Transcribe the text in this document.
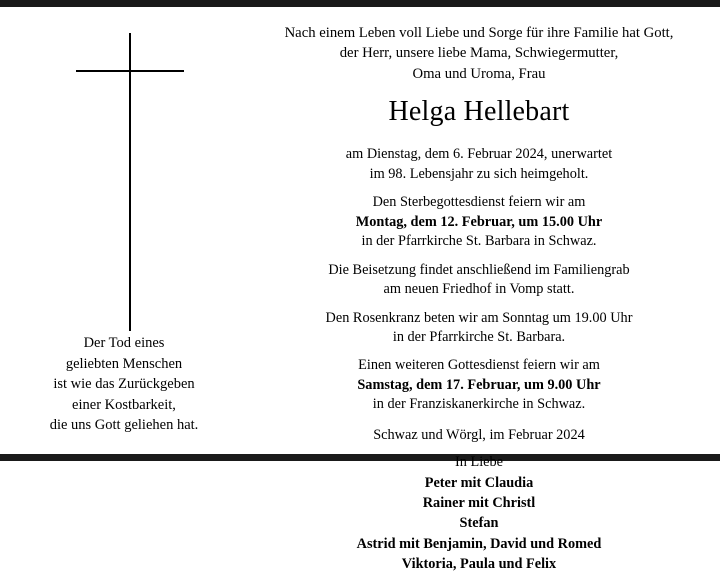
Der Tod eines
geliebten Menschen
ist wie das Zurückgeben
einer Kostbarkeit,
die uns Gott geliehen hat.
Nach einem Leben voll Liebe und Sorge für ihre Familie hat Gott,
der Herr, unsere liebe Mama, Schwiegermutter,
Oma und Uroma, Frau
Helga Hellebart
am Dienstag, dem 6. Februar 2024, unerwartet
im 98. Lebensjahr zu sich heimgeholt.
Den Sterbegottesdienst feiern wir am
Montag, dem 12. Februar, um 15.00 Uhr
in der Pfarrkirche St. Barbara in Schwaz.
Die Beisetzung findet anschließend im Familiengrab
am neuen Friedhof in Vomp statt.
Den Rosenkranz beten wir am Sonntag um 19.00 Uhr
in der Pfarrkirche St. Barbara.
Einen weiteren Gottesdienst feiern wir am
Samstag, dem 17. Februar, um 9.00 Uhr
in der Franziskanerkirche in Schwaz.
Schwaz und Wörgl, im Februar 2024
In Liebe
Peter mit Claudia
Rainer mit Christl
Stefan
Astrid mit Benjamin, David und Romed
Viktoria, Paula und Felix
